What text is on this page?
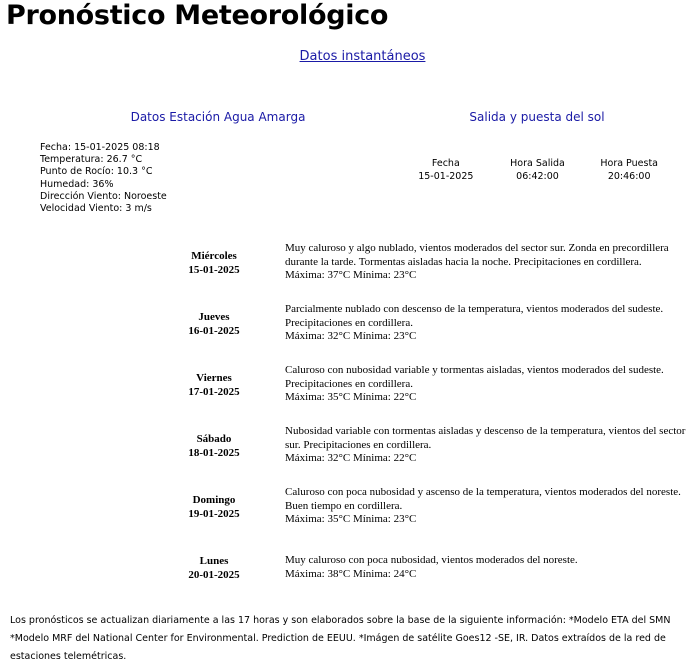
Pronóstico Meteorológico
Datos instantáneos
Datos Estación Agua Amarga	Salida y puesta del sol
Fecha: 15-01-2025 08:18
Temperatura: 26.7 °C
Punto de Rocío: 10.3 °C
Humedad: 36%
Dirección Viento: Noroeste
Velocidad Viento: 3 m/s
Fecha
15-01-2025
Hora Salida
06:42:00
Hora Puesta
20:46:00
Miércoles
15-01-2025
Muy caluroso y algo nublado, vientos moderados del sector sur. Zonda en precordillera durante la tarde. Tormentas aisladas hacia la noche. Precipitaciones en cordillera.
Máxima: 37°C Mínima: 23°C
Jueves
16-01-2025
Parcialmente nublado con descenso de la temperatura, vientos moderados del sudeste. Precipitaciones en cordillera.
Máxima: 32°C Mínima: 23°C
Viernes
17-01-2025
Caluroso con nubosidad variable y tormentas aisladas, vientos moderados del sudeste. Precipitaciones en cordillera.
Máxima: 35°C Mínima: 22°C
Sábado
18-01-2025
Nubosidad variable con tormentas aisladas y descenso de la temperatura, vientos del sector sur. Precipitaciones en cordillera.
Máxima: 32°C Mínima: 22°C
Domingo
19-01-2025
Caluroso con poca nubosidad y ascenso de la temperatura, vientos moderados del noreste. Buen tiempo en cordillera.
Máxima: 35°C Mínima: 23°C
Lunes
20-01-2025
Muy caluroso con poca nubosidad, vientos moderados del noreste.
Máxima: 38°C Mínima: 24°C
Los pronósticos se actualizan diariamente a las 17 horas y son elaborados sobre la base de la siguiente información: *Modelo ETA del SMN *Modelo MRF del National Center for Environmental. Prediction de EEUU. *Imágen de satélite Goes12 -SE, IR. Datos extraídos de la red de estaciones telemétricas.
